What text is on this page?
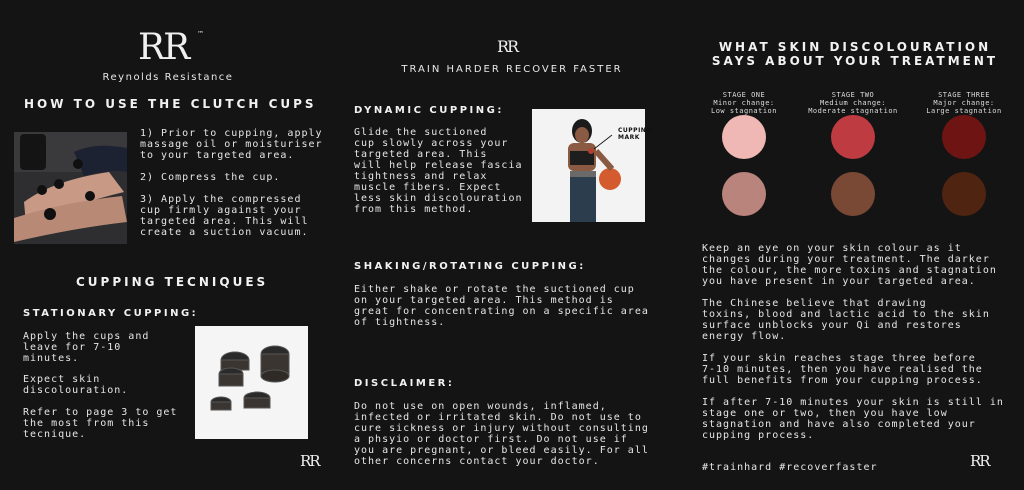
RR ™
Reynolds Resistance
HOW TO USE THE CLUTCH CUPS
1) Prior to cupping, apply
massage oil or moisturiser
to your targeted area.
2) Compress the cup.
3) Apply the compressed
cup firmly against your
targeted area. This will
create a suction vacuum.
CUPPING TECNIQUES
STATIONARY CUPPING:
Apply the cups and
leave for 7-10
minutes.
Expect skin
discolouration.
Refer to page 3 to get
the most from this
tecnique.
RR
RR
TRAIN HARDER RECOVER FASTER
DYNAMIC CUPPING:
Glide the suctioned
cup slowly across your
targeted area. This
will help release fascia
tightness and relax
muscle fibers. Expect
less skin discolouration
from this method.
CUPPING
MARK
SHAKING/ROTATING CUPPING:
Either shake or rotate the suctioned cup
on your targeted area. This method is
great for concentrating on a specific area
of tightness.
DISCLAIMER:
Do not use on open wounds, inflamed,
infected or irritated skin. Do not use to
cure sickness or injury without consulting
a phsyio or doctor first. Do not use if
you are pregnant, or bleed easily. For all
other concerns contact your doctor.
WHAT SKIN DISCOLOURATION
SAYS ABOUT YOUR TREATMENT
STAGE ONE
Minor change:
Low stagnation
STAGE TWO
Medium change:
Moderate stagnation
STAGE THREE
Major change:
Large stagnation
Keep an eye on your skin colour as it
changes during your treatment. The darker
the colour, the more toxins and stagnation
you have present in your targeted area.
The Chinese believe that drawing
toxins, blood and lactic acid to the skin
surface unblocks your Qi and restores
energy flow.
If your skin reaches stage three before
7-10 minutes, then you have realised the
full benefits from your cupping process.
If after 7-10 minutes your skin is still in
stage one or two, then you have low
stagnation and have also completed your
cupping process.
#trainhard #recoverfaster	RR
